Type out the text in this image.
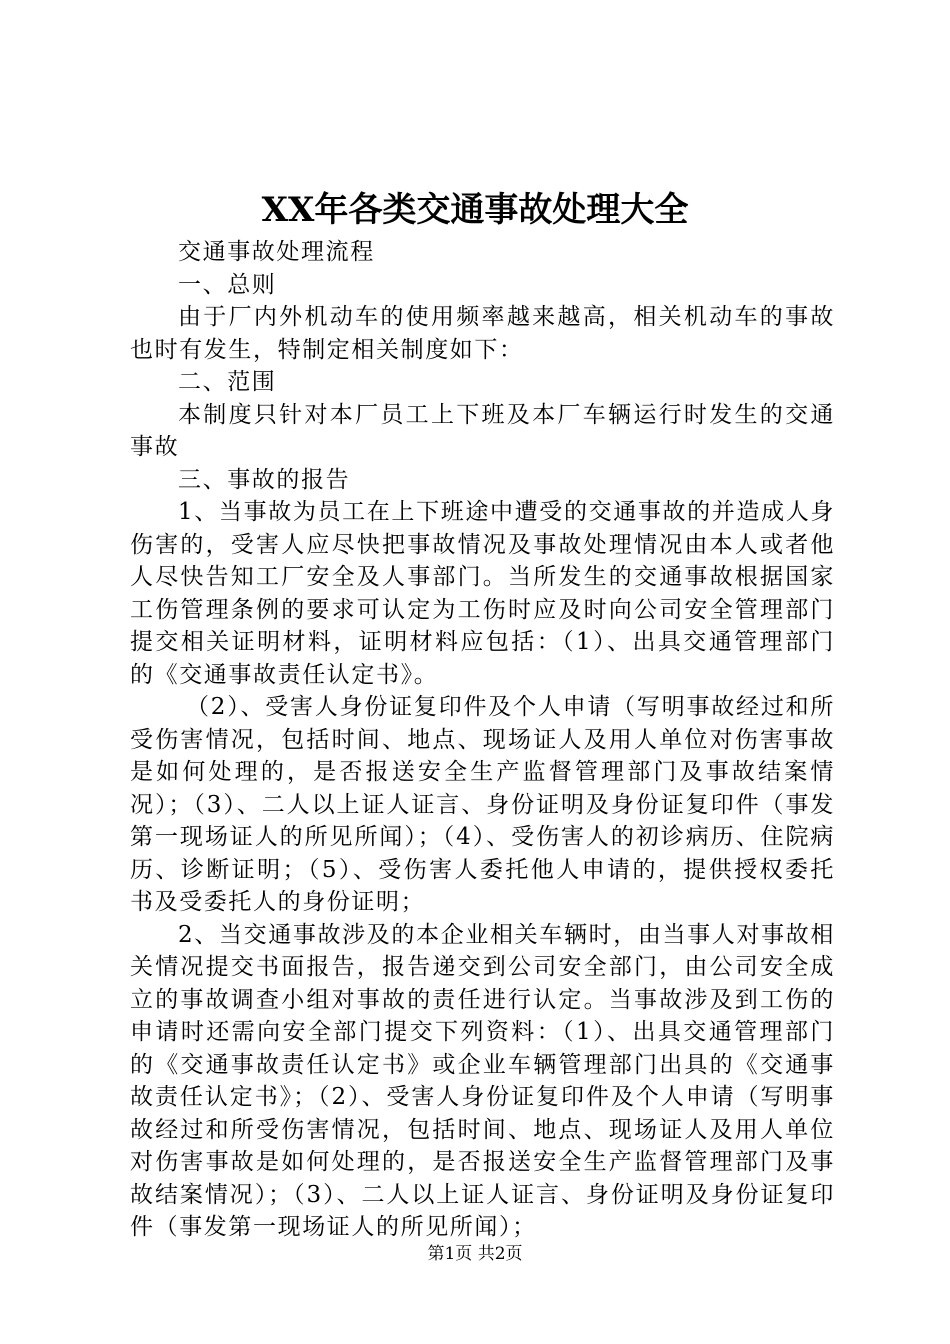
XX年各类交通事故处理大全

交通事故处理流程

一、总则

由于厂内外机动车的使用频率越来越高，相关机动车的事故也时有发生，特制定相关制度如下：

二、范围

本制度只针对本厂员工上下班及本厂车辆运行时发生的交通事故

三、事故的报告

1、当事故为员工在上下班途中遭受的交通事故的并造成人身伤害的，受害人应尽快把事故情况及事故处理情况由本人或者他人尽快告知工厂安全及人事部门。当所发生的交通事故根据国家工伤管理条例的要求可认定为工伤时应及时向公司安全管理部门提交相关证明材料，证明材料应包括：（1）、出具交通管理部门的《交通事故责任认定书》。

（2）、受害人身份证复印件及个人申请（写明事故经过和所受伤害情况，包括时间、地点、现场证人及用人单位对伤害事故是如何处理的，是否报送安全生产监督管理部门及事故结案情况）；（3）、二人以上证人证言、身份证明及身份证复印件（事发第一现场证人的所见所闻）；（4）、受伤害人的初诊病历、住院病历、诊断证明；（5）、受伤害人委托他人申请的，提供授权委托书及受委托人的身份证明；

2、当交通事故涉及的本企业相关车辆时，由当事人对事故相关情况提交书面报告，报告递交到公司安全部门，由公司安全成立的事故调查小组对事故的责任进行认定。当事故涉及到工伤的申请时还需向安全部门提交下列资料：（1）、出具交通管理部门的《交通事故责任认定书》或企业车辆管理部门出具的《交通事故责任认定书》；（2）、受害人身份证复印件及个人申请（写明事故经过和所受伤害情况，包括时间、地点、现场证人及用人单位对伤害事故是如何处理的，是否报送安全生产监督管理部门及事故结案情况）；（3）、二人以上证人证言、身份证明及身份证复印件（事发第一现场证人的所见所闻）；

第1页 共2页
